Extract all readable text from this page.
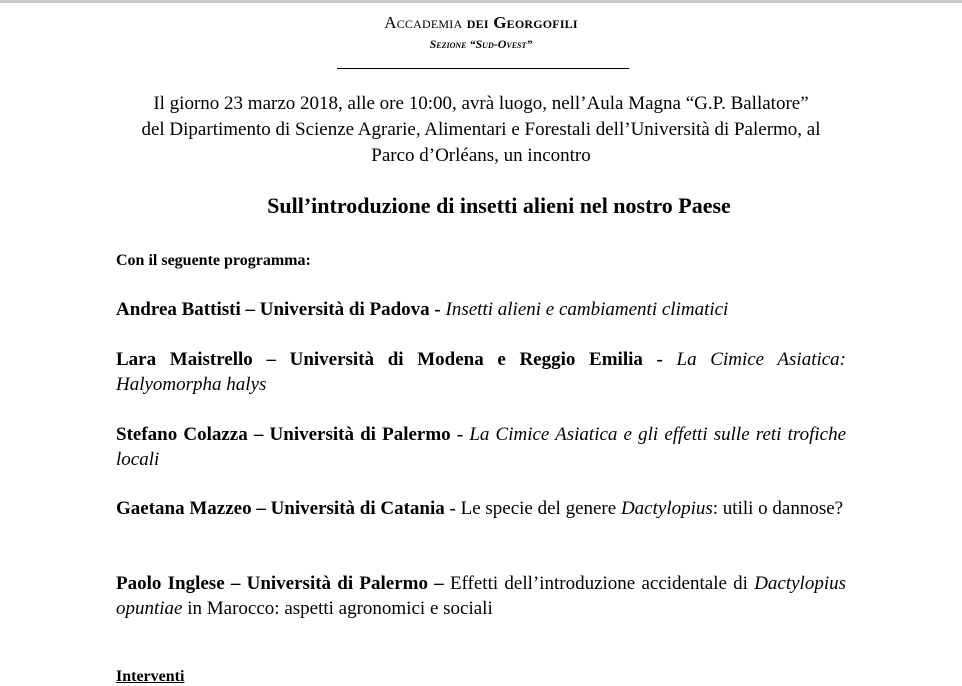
Accademia dei Georgofili
Sezione “Sud-Ovest”
Il giorno 23 marzo 2018, alle ore 10:00, avrà luogo, nell’Aula Magna “G.P. Ballatore” del Dipartimento di Scienze Agrarie, Alimentari e Forestali dell’Università di Palermo, al Parco d’Orléans, un incontro
Sull’introduzione di insetti alieni nel nostro Paese
Con il seguente programma:
Andrea Battisti – Università di Padova - Insetti alieni e cambiamenti climatici
Lara Maistrello – Università di Modena e Reggio Emilia - La Cimice Asiatica: Halyomorpha halys
Stefano Colazza – Università di Palermo - La Cimice Asiatica e gli effetti sulle reti trofiche locali
Gaetana Mazzeo – Università di Catania - Le specie del genere Dactylopius: utili o dannose?
Paolo Inglese – Università di Palermo – Effetti dell’introduzione accidentale di Dactylopius opuntiae in Marocco: aspetti agronomici e sociali
Interventi
